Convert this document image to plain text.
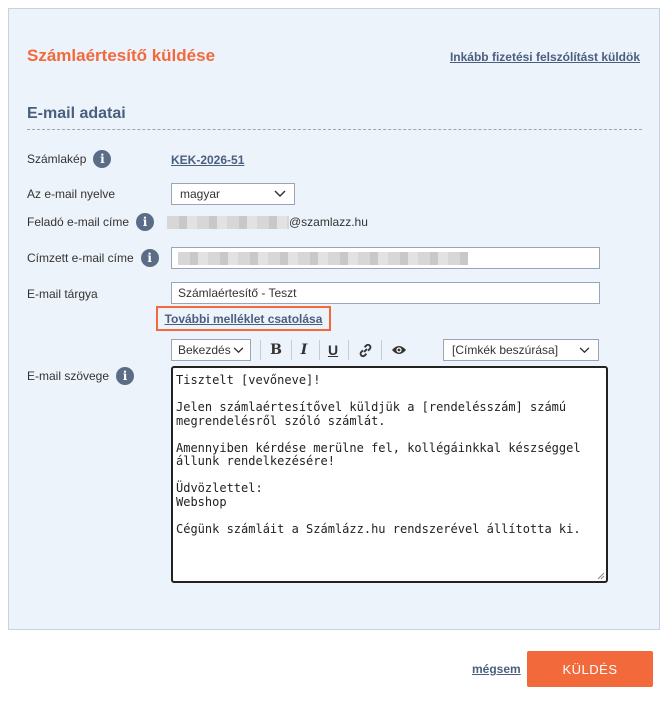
Számlaértesítő küldése	Inkább fizetési felszólítást küldök
E-mail adatai
Számlakép	i	KEK-2026-51
Az e-mail nyelve	magyar
Feladó e-mail címe	i	@szamlazz.hu
Címzett e-mail címe	i
E-mail tárgya	Számlaértesítő - Teszt
További melléklet csatolása
Bekezdés	B	I	U	[Címkék beszúrása]
E-mail szövege	i	Tisztelt [vevőneve]!

Jelen számlaértesítővel küldjük a [rendelésszám] számú megrendelésről szóló számlát.

Amennyiben kérdése merülne fel, kollégáinkkal készséggel állunk rendelkezésére!

Üdvözlettel:
Webshop

Cégünk számláit a Számlázz.hu rendszerével állította ki.
mégsem	KÜLDÉS
